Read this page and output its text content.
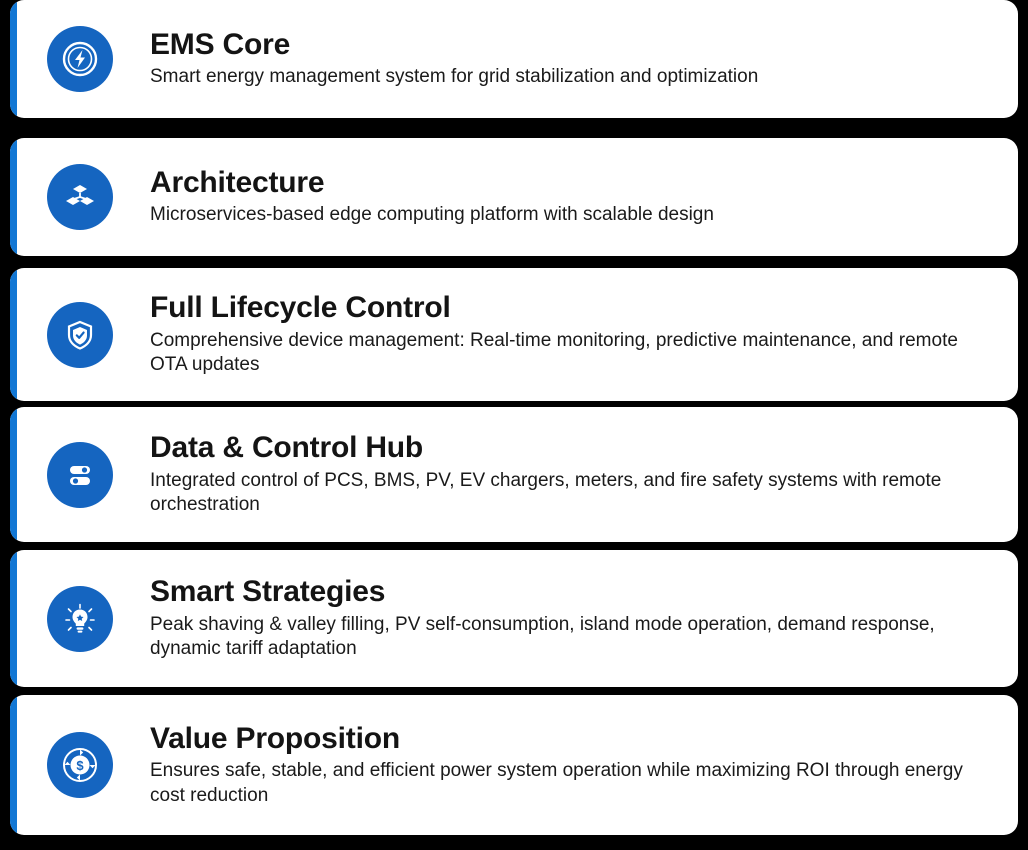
EMS Core

Smart energy management system for grid stabilization and optimization

Architecture

Microservices-based edge computing platform with scalable design

Full Lifecycle Control

Comprehensive device management: Real-time monitoring, predictive maintenance, and remote OTA updates

Data & Control Hub

Integrated control of PCS, BMS, PV, EV chargers, meters, and fire safety systems with remote orchestration

Smart Strategies

Peak shaving & valley filling, PV self-consumption, island mode operation, demand response, dynamic tariff adaptation

$

Value Proposition

Ensures safe, stable, and efficient power system operation while maximizing ROI through energy cost reduction
